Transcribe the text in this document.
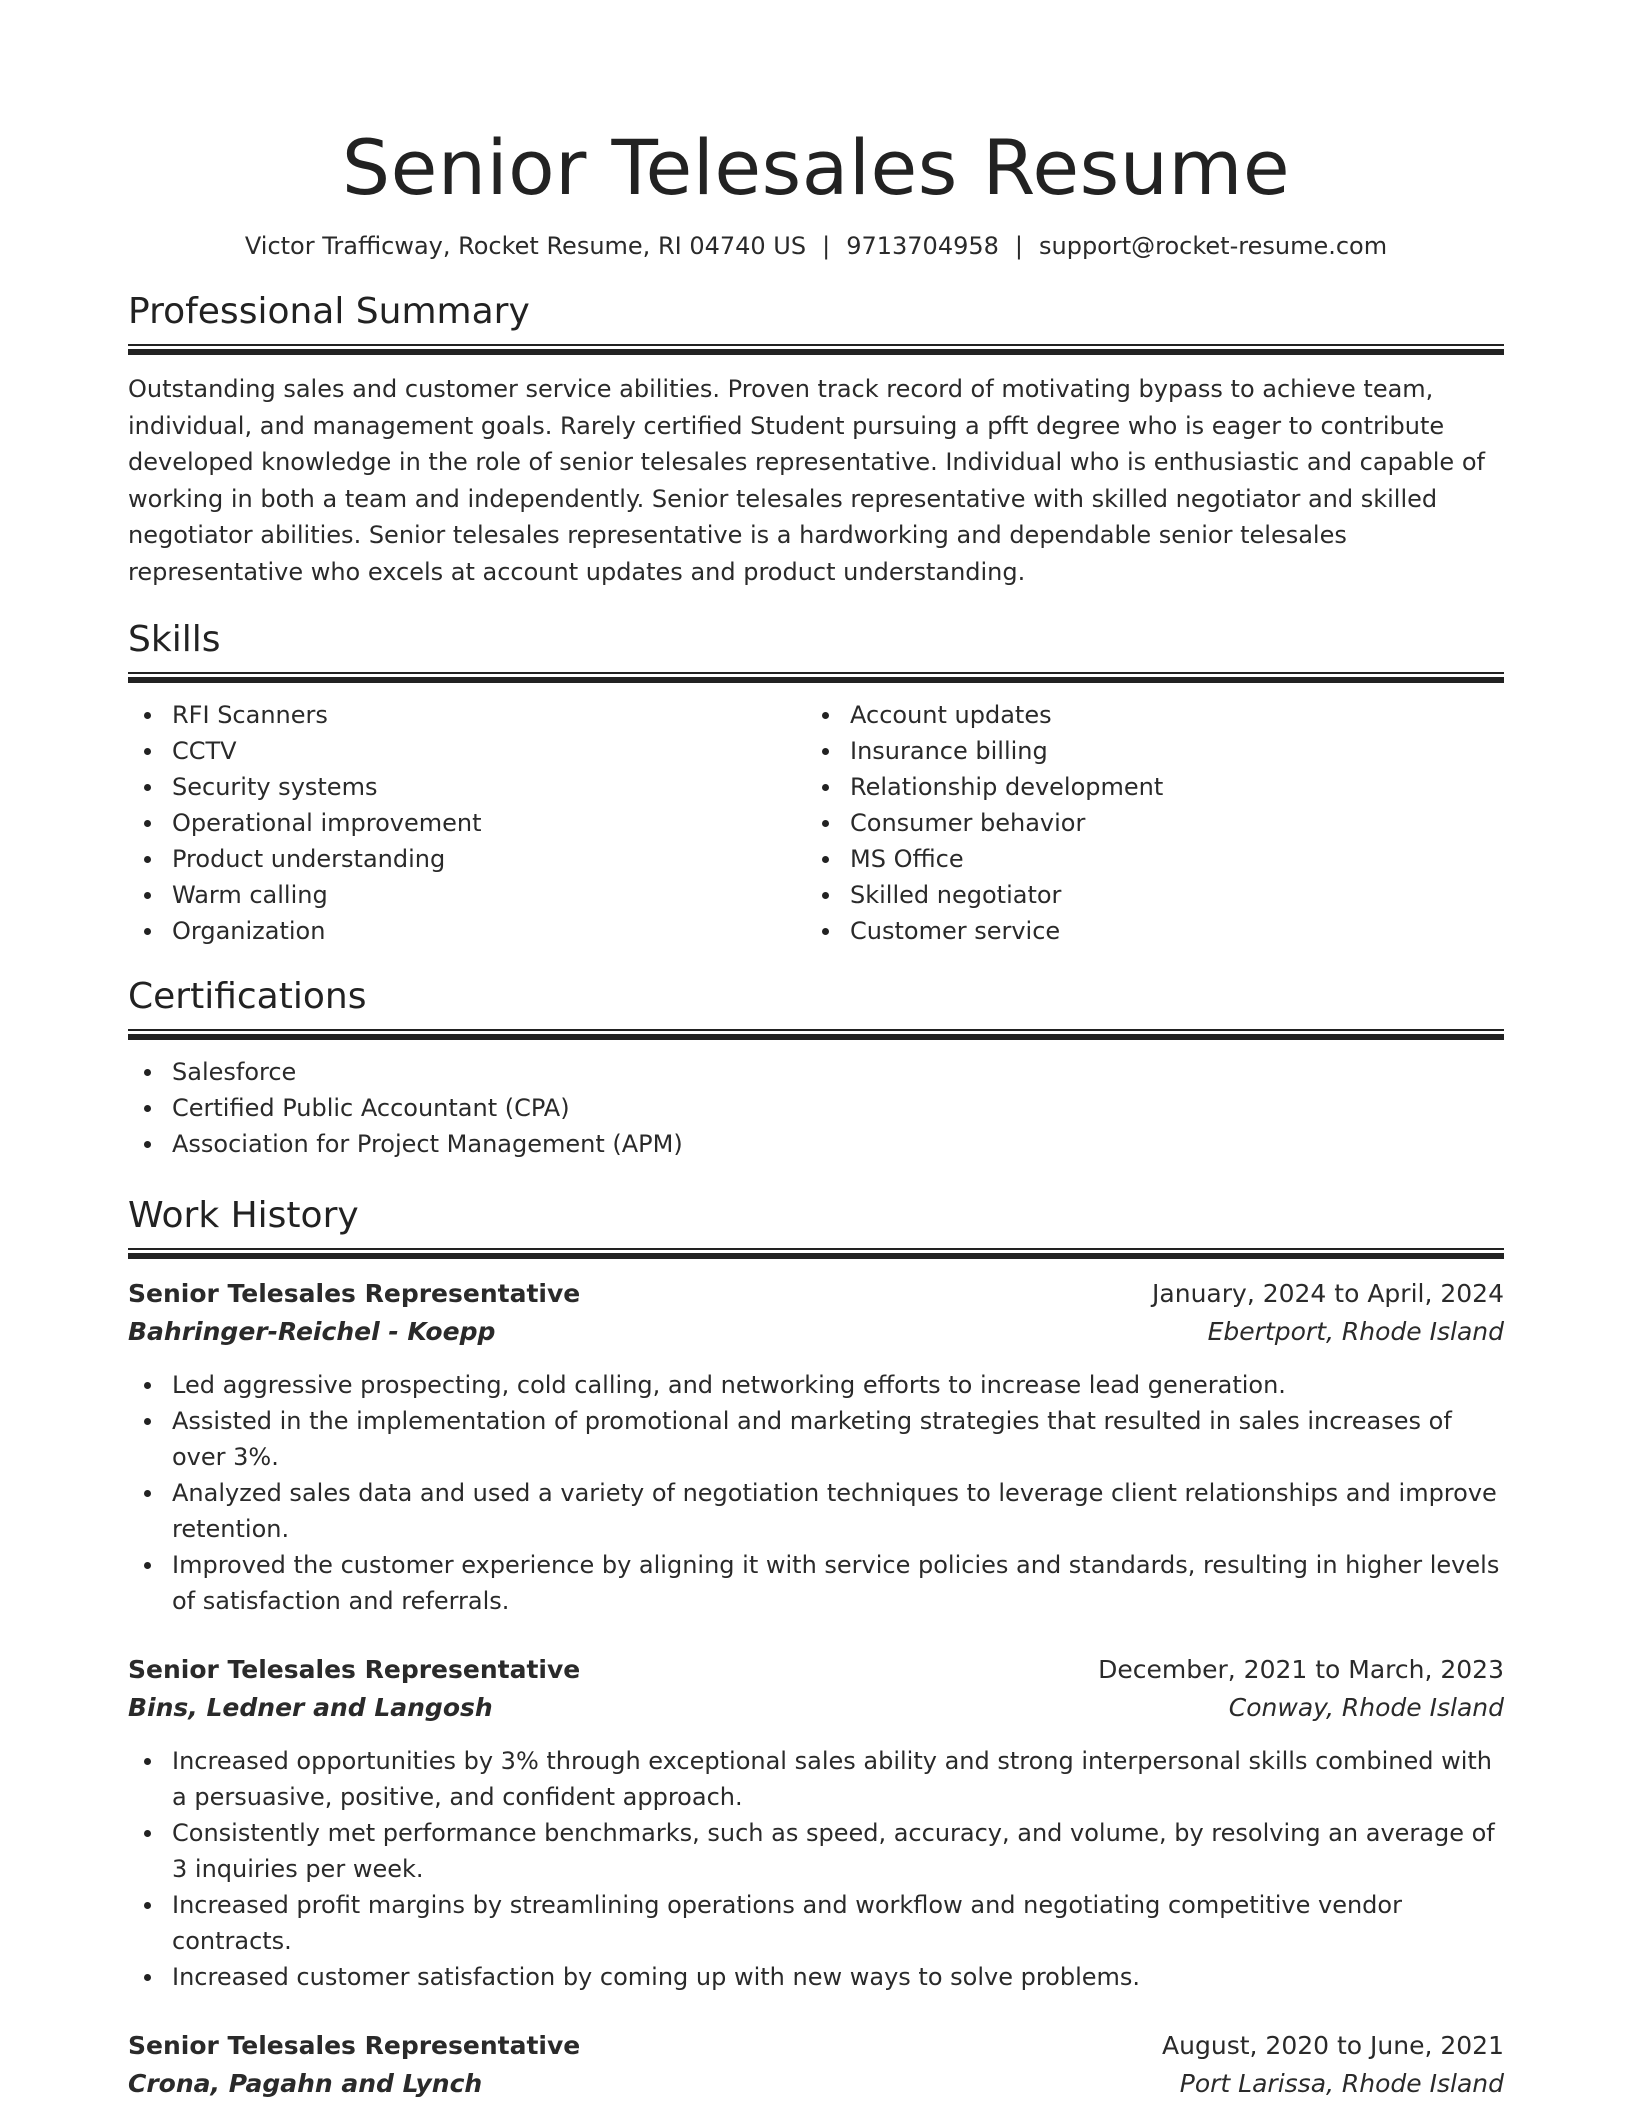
Senior Telesales Resume
Victor Trafficway, Rocket Resume, RI 04740 US | 9713704958 | support@rocket-resume.com
Professional Summary

Outstanding sales and customer service abilities. Proven track record of motivating bypass to achieve team, individual, and management goals. Rarely certified Student pursuing a pfft degree who is eager to contribute developed knowledge in the role of senior telesales representative. Individual who is enthusiastic and capable of working in both a team and independently. Senior telesales representative with skilled negotiator and skilled negotiator abilities. Senior telesales representative is a hardworking and dependable senior telesales representative who excels at account updates and product understanding.

Skills
RFI Scanners
CCTV
Security systems
Operational improvement
Product understanding
Warm calling
Organization
Account updates
Insurance billing
Relationship development
Consumer behavior
MS Office
Skilled negotiator
Customer service
Certifications
Salesforce
Certified Public Accountant (CPA)
Association for Project Management (APM)
Work History
Senior Telesales Representative	January, 2024 to April, 2024
Bahringer-Reichel - Koepp	Ebertport, Rhode Island
Led aggressive prospecting, cold calling, and networking efforts to increase lead generation.
Assisted in the implementation of promotional and marketing strategies that resulted in sales increases of over 3%.
Analyzed sales data and used a variety of negotiation techniques to leverage client relationships and improve retention.
Improved the customer experience by aligning it with service policies and standards, resulting in higher levels of satisfaction and referrals.
Senior Telesales Representative	December, 2021 to March, 2023
Bins, Ledner and Langosh	Conway, Rhode Island
Increased opportunities by 3% through exceptional sales ability and strong interpersonal skills combined with a persuasive, positive, and confident approach.
Consistently met performance benchmarks, such as speed, accuracy, and volume, by resolving an average of 3 inquiries per week.
Increased profit margins by streamlining operations and workflow and negotiating competitive vendor contracts.
Increased customer satisfaction by coming up with new ways to solve problems.
Senior Telesales Representative	August, 2020 to June, 2021
Crona, Pagahn and Lynch	Port Larissa, Rhode Island
